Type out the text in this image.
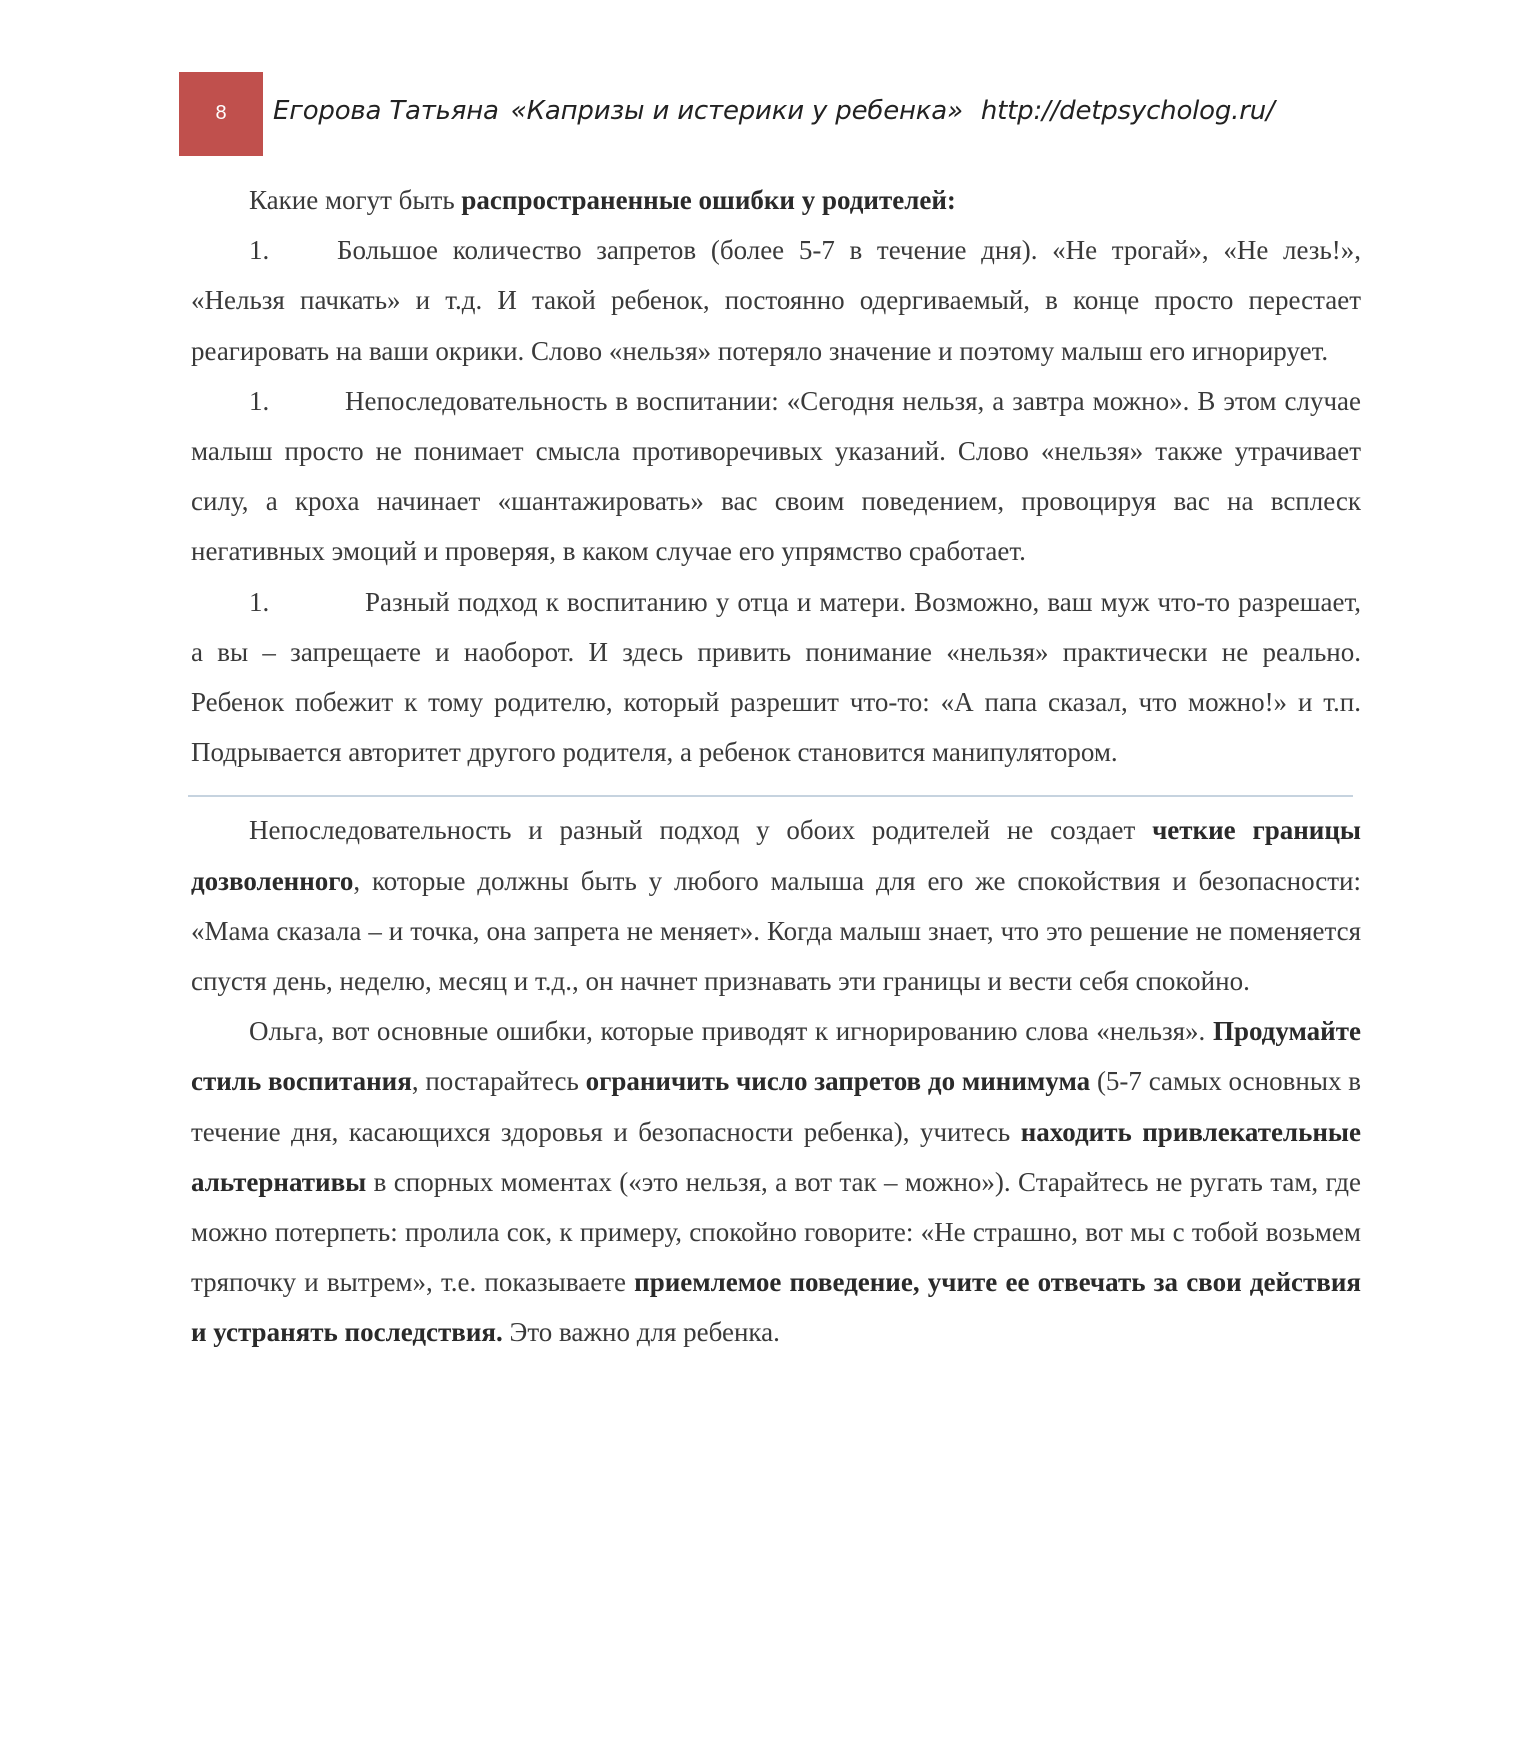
8 Егорова Татьяна «Капризы и истерики у ребенка» http://detpsycholog.ru/

Какие могут быть распространенные ошибки у родителей:

1.	Большое количество запретов (более 5-7 в течение дня). «Не трогай», «Не лезь!», «Нельзя пачкать» и т.д. И такой ребенок, постоянно одергиваемый, в конце просто перестает реагировать на ваши окрики. Слово «нельзя» потеряло значение и поэтому малыш его игнорирует.

1.	Непоследовательность в воспитании: «Сегодня нельзя, а завтра можно». В этом случае малыш просто не понимает смысла противоречивых указаний. Слово «нельзя» также утрачивает силу, а кроха начинает «шантажировать» вас своим поведением, провоцируя вас на всплеск негативных эмоций и проверяя, в каком случае его упрямство сработает.

1.	Разный подход к воспитанию у отца и матери. Возможно, ваш муж что-то разрешает, а вы – запрещаете и наоборот. И здесь привить понимание «нельзя» практически не реально. Ребенок побежит к тому родителю, который разрешит что-то: «А папа сказал, что можно!» и т.п. Подрывается авторитет другого родителя, а ребенок становится манипулятором.

Непоследовательность и разный подход у обоих родителей не создает четкие границы дозволенного, которые должны быть у любого малыша для его же спокойствия и безопасности: «Мама сказала – и точка, она запрета не меняет». Когда малыш знает, что это решение не поменяется спустя день, неделю, месяц и т.д., он начнет признавать эти границы и вести себя спокойно.

Ольга, вот основные ошибки, которые приводят к игнорированию слова «нельзя». Продумайте стиль воспитания, постарайтесь ограничить число запретов до минимума (5-7 самых основных в течение дня, касающихся здоровья и безопасности ребенка), учитесь находить привлекательные альтернативы в спорных моментах («это нельзя, а вот так – можно»). Старайтесь не ругать там, где можно потерпеть: пролила сок, к примеру, спокойно говорите: «Не страшно, вот мы с тобой возьмем тряпочку и вытрем», т.е. показываете приемлемое поведение, учите ее отвечать за свои действия и устранять последствия. Это важно для ребенка.
